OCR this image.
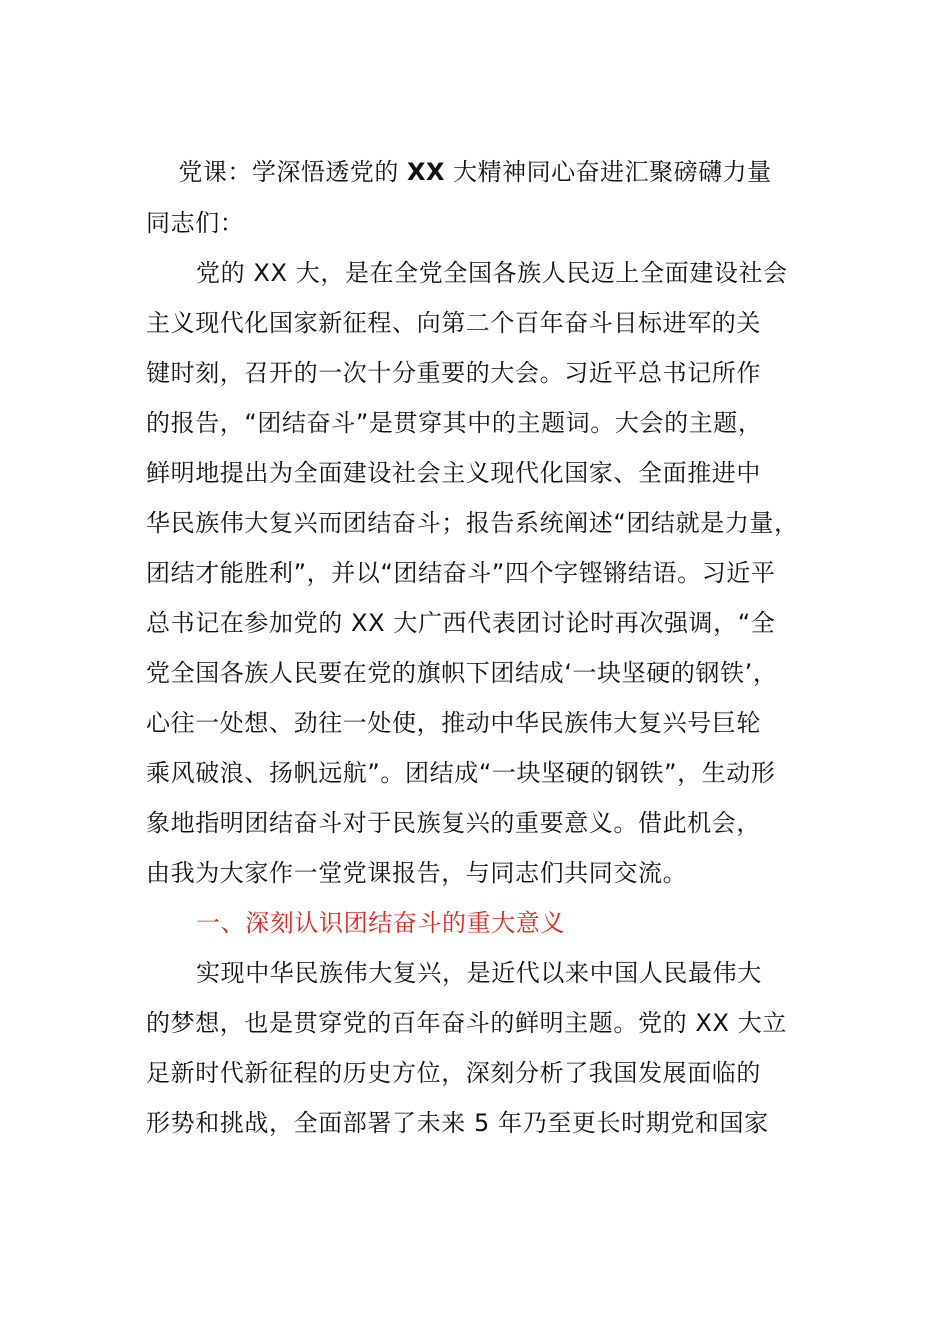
党课：学深悟透党的 XX 大精神同心奋进汇聚磅礴力量
同志们：
党的 XX 大，是在全党全国各族人民迈上全面建设社会
主义现代化国家新征程、向第二个百年奋斗目标进军的关
键时刻，召开的一次十分重要的大会。习近平总书记所作
的报告，“团结奋斗”是贯穿其中的主题词。大会的主题，
鲜明地提出为全面建设社会主义现代化国家、全面推进中
华民族伟大复兴而团结奋斗；报告系统阐述“团结就是力量，
团结才能胜利”，并以“团结奋斗”四个字铿锵结语。习近平
总书记在参加党的 XX 大广西代表团讨论时再次强调，“全
党全国各族人民要在党的旗帜下团结成‘一块坚硬的钢铁’，
心往一处想、劲往一处使，推动中华民族伟大复兴号巨轮
乘风破浪、扬帆远航”。团结成“一块坚硬的钢铁”，生动形
象地指明团结奋斗对于民族复兴的重要意义。借此机会，
由我为大家作一堂党课报告，与同志们共同交流。
一、深刻认识团结奋斗的重大意义
实现中华民族伟大复兴，是近代以来中国人民最伟大
的梦想，也是贯穿党的百年奋斗的鲜明主题。党的 XX 大立
足新时代新征程的历史方位，深刻分析了我国发展面临的
形势和挑战，全面部署了未来 5 年乃至更长时期党和国家
